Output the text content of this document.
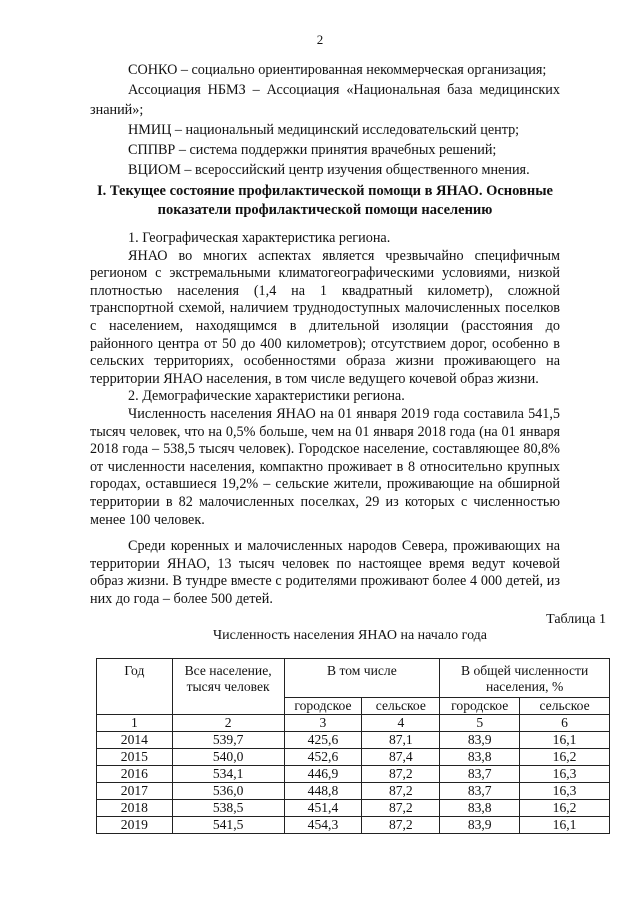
2

СОНКО – социально ориентированная некоммерческая организация;

Ассоциация НБМЗ – Ассоциация «Национальная база медицинских знаний»;

НМИЦ – национальный медицинский исследовательский центр;

СППВР – система поддержки принятия врачебных решений;

ВЦИОМ – всероссийский центр изучения общественного мнения.

I. Текущее состояние профилактической помощи в ЯНАО. Основные показатели профилактической помощи населению

1. Географическая характеристика региона.

ЯНАО во многих аспектах является чрезвычайно специфичным регионом с экстремальными климатогеографическими условиями, низкой плотностью населения (1,4 на 1 квадратный километр), сложной транспортной схемой, наличием труднодоступных малочисленных поселков с населением, находящимся в длительной изоляции (расстояния до районного центра от 50 до 400 километров); отсутствием дорог, особенно в сельских территориях, особенностями образа жизни проживающего на территории ЯНАО населения, в том числе ведущего кочевой образ жизни.

2. Демографические характеристики региона.

Численность населения ЯНАО на 01 января 2019 года составила 541,5 тысяч человек, что на 0,5% больше, чем на 01 января 2018 года (на 01 января 2018 года – 538,5 тысяч человек). Городское население, составляющее 80,8% от численности населения, компактно проживает в 8 относительно крупных городах, оставшиеся 19,2% – сельские жители, проживающие на обширной территории в 82 малочисленных поселках, 29 из которых с численностью менее 100 человек.

Среди коренных и малочисленных народов Севера, проживающих на территории ЯНАО, 13 тысяч человек по настоящее время ведут кочевой образ жизни. В тундре вместе с родителями проживают более 4 000 детей, из них до года – более 500 детей.

Таблица 1
Численность населения ЯНАО на начало года
Год	Все население, тысяч человек	В том числе		В общей численности населения, %	
		городское	сельское	городское	сельское
1	2	3	4	5	6
2014	539,7	425,6	87,1	83,9	16,1
2015	540,0	452,6	87,4	83,8	16,2
2016	534,1	446,9	87,2	83,7	16,3
2017	536,0	448,8	87,2	83,7	16,3
2018	538,5	451,4	87,2	83,8	16,2
2019	541,5	454,3	87,2	83,9	16,1
